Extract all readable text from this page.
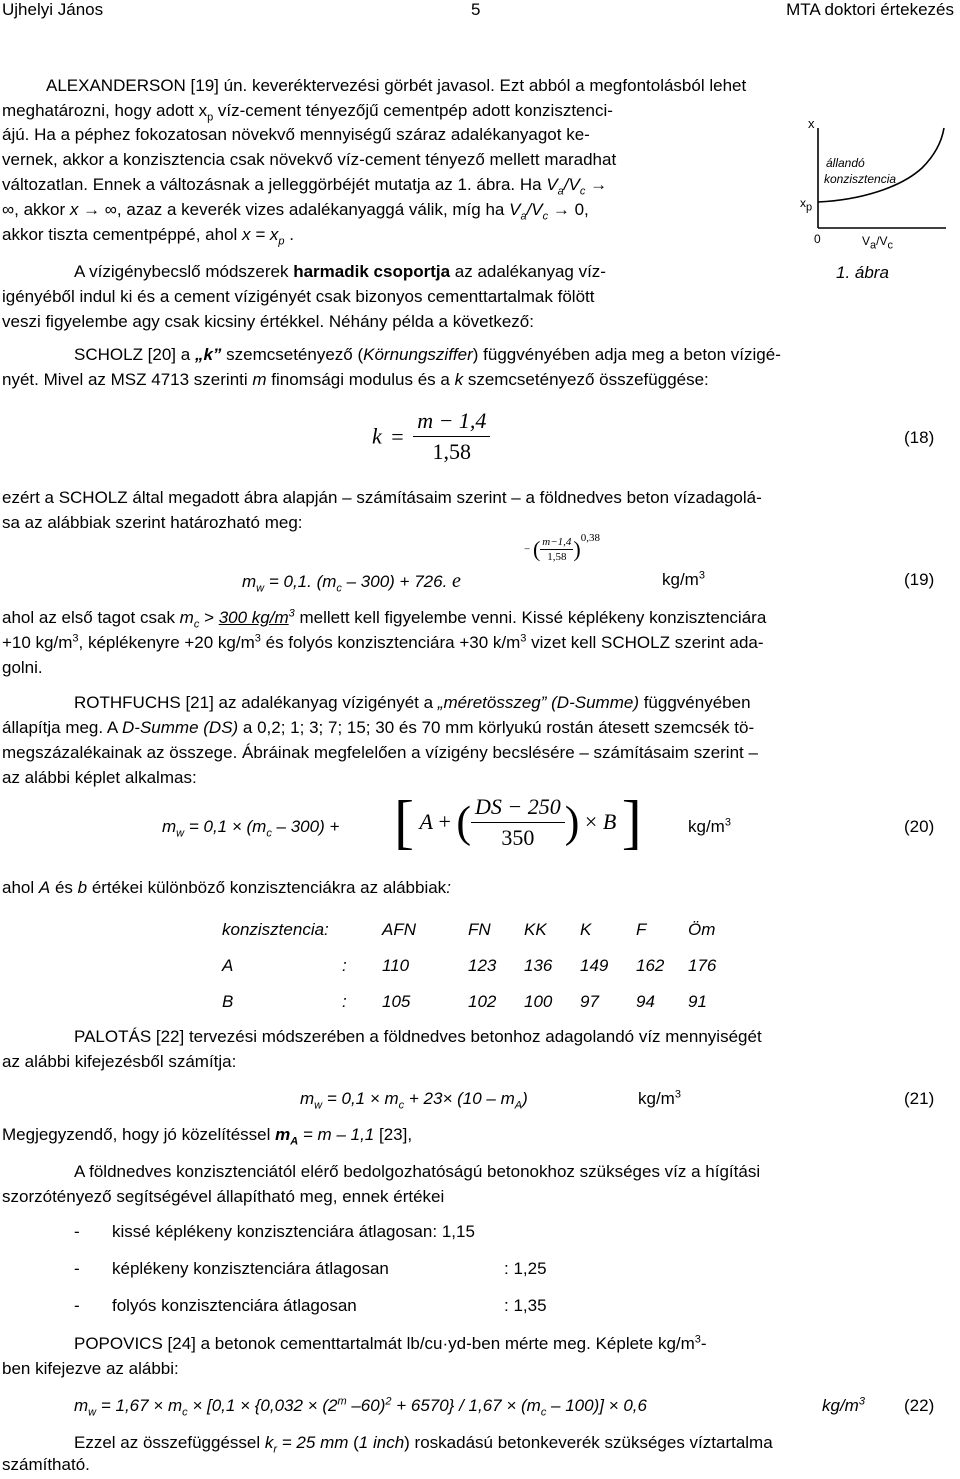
Ujhelyi János	5	MTA doktori értekezés
x
$x_p$
állandó
konzisztencia
0	$V_a/V_c$
1. ábra
ALEXANDERSON [19] ún. keveréktervezési görbét javasol. Ezt abból a megfontolásból lehet
meghatározni, hogy adott $x_p$ víz-cement tényezőjű cementpép adott konzisztenci-
ájú. Ha a péphez fokozatosan növekvő mennyiségű száraz adalékanyagot ke-
vernek, akkor a konzisztencia csak növekvő víz-cement tényező mellett maradhat
változatlan. Ennek a változásnak a jelleggörbéjét mutatja az 1. ábra. Ha $V_a/V_c$ →
∞, akkor x → ∞, azaz a keverék vizes adalékanyaggá válik, míg ha $V_a/V_c \to 0$,
akkor tiszta cementpéppé, ahol $x = x_p$ .
A vízigénybecslő módszerek harmadik csoportja az adalékanyag víz-
igényéből indul ki és a cement vízigényét csak bizonyos cementtartalmak fölött
veszi figyelembe agy csak kicsiny értékkel. Néhány példa a következő:
SCHOLZ [20] a „k” szemcsetényező (Körnungsziffer) függvényében adja meg a beton vízigé-
nyét. Mivel az MSZ 4713 szerinti m finomsági modulus és a k szemcsetényező összefüggése:
$k = \frac{m - 1,4}{1,58}$	(18)
ezért a SCHOLZ által megadott ábra alapján – számításaim szerint – a földnedves beton vízadagolá-
sa az alábbiak szerint határozható meg:
$m_w = 0,1$. $(m_c - 300) + 726$. e
− ( $\frac{m-1,4}{1,58} )0,38$
$kg/m^3$	(19)
ahol az első tagot csak $m_c > 300$ $kg/m^3$ mellett kell figyelembe venni. Kissé képlékeny konzisztenciára
+10 $kg/m^3$, képlékenyre +20 $kg/m^3$ és folyós konzisztenciára +30 $k/m^3$ vizet kell SCHOLZ szerint ada-
golni.
ROTHFUCHS [21] az adalékanyag vízigényét a „méretösszeg” (D-Summe) függvényében
állapítja meg. A D-Summe (DS) a 0,2; 1; 3; 7; 15; 30 és 70 mm körlyukú rostán átesett szemcsék tö-
megszázalékainak az összege. Ábráinak megfelelően a vízigény becslésére – számításaim szerint –
az alábbi képlet alkalmas:
$m_w = 0,1 \times (m_c - 300)$ + [ A + ( $\frac{DS - 250}{350}$ ) × B ]	$kg/m^3$	(20)
ahol A és b értékei különböző konzisztenciákra az alábbiak:
konzisztencia:	AFN	FN	KK	K	F	Öm
A :	110	123	136	149	162	176
B :	105	102	100	97	94	91
PALOTÁS [22] tervezési módszerében a földnedves betonhoz adagolandó víz mennyiségét
az alábbi kifejezésből számítja:
$m_w = 0,1 \times m_c + 23\times (10 - m_A)$	$kg/m^3$	(21)
Megjegyzendő, hogy jó közelítéssel $m_A = m - 1,1$ [23],
A földnedves konzisztenciától elérő bedolgozhatóságú betonokhoz szükséges víz a hígítási
szorzótényező segítségével állapítható meg, ennek értékei
- kissé képlékeny konzisztenciára átlagosan: 1,15
- képlékeny konzisztenciára átlagosan	: 1,25
- folyós konzisztenciára átlagosan	: 1,35
POPOVICS [24] a betonok cementtartalmát lb/cu·yd-ben mérte meg. Képlete $kg/m^3-$
ben kifejezve az alábbi:
$m_w = 1,67 \times m_c \times [0,1 \times \{0,032 \times (2^m$ $-60)^2 + 6570\} / 1,67 \times (m_c - 100)] \times 0,6$	$kg/m^3$ (22)
Ezzel az összefüggéssel $k_r = 25$ mm (1 inch) roskadású betonkeverék szükséges víztartalma
számítható.
